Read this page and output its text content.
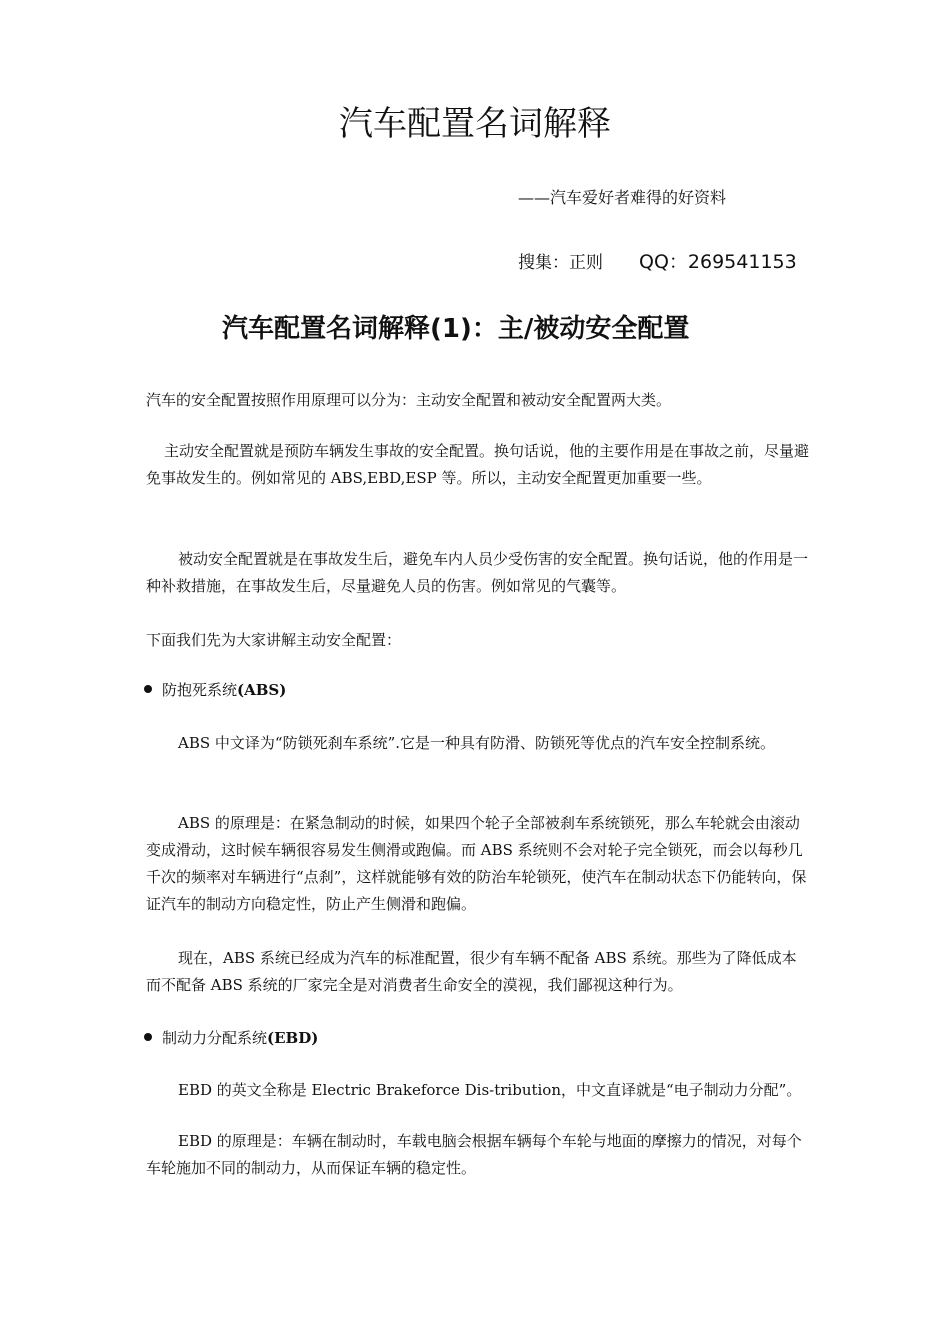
汽车配置名词解释

——汽车爱好者难得的好资料

搜集：正则 QQ：269541153

汽车配置名词解释(1)：主/被动安全配置

汽车的安全配置按照作用原理可以分为：主动安全配置和被动安全配置两大类。

主动安全配置就是预防车辆发生事故的安全配置。换句话说，他的主要作用是在事故之前，尽量避免事故发生的。例如常见的 ABS,EBD,ESP 等。所以，主动安全配置更加重要一些。

被动安全配置就是在事故发生后，避免车内人员少受伤害的安全配置。换句话说，他的作用是一种补救措施，在事故发生后，尽量避免人员的伤害。例如常见的气囊等。

下面我们先为大家讲解主动安全配置：

防抱死系统(ABS)

ABS 中文译为“防锁死刹车系统”.它是一种具有防滑、防锁死等优点的汽车安全控制系统。

ABS 的原理是：在紧急制动的时候，如果四个轮子全部被刹车系统锁死，那么车轮就会由滚动变成滑动，这时候车辆很容易发生侧滑或跑偏。而 ABS 系统则不会对轮子完全锁死，而会以每秒几千次的频率对车辆进行“点刹”，这样就能够有效的防治车轮锁死，使汽车在制动状态下仍能转向，保证汽车的制动方向稳定性，防止产生侧滑和跑偏。

现在，ABS 系统已经成为汽车的标准配置，很少有车辆不配备 ABS 系统。那些为了降低成本而不配备 ABS 系统的厂家完全是对消费者生命安全的漠视，我们鄙视这种行为。

制动力分配系统(EBD)

EBD 的英文全称是 Electric Brakeforce Dis-tribution，中文直译就是“电子制动力分配”。

EBD 的原理是：车辆在制动时，车载电脑会根据车辆每个车轮与地面的摩擦力的情况，对每个车轮施加不同的制动力，从而保证车辆的稳定性。
